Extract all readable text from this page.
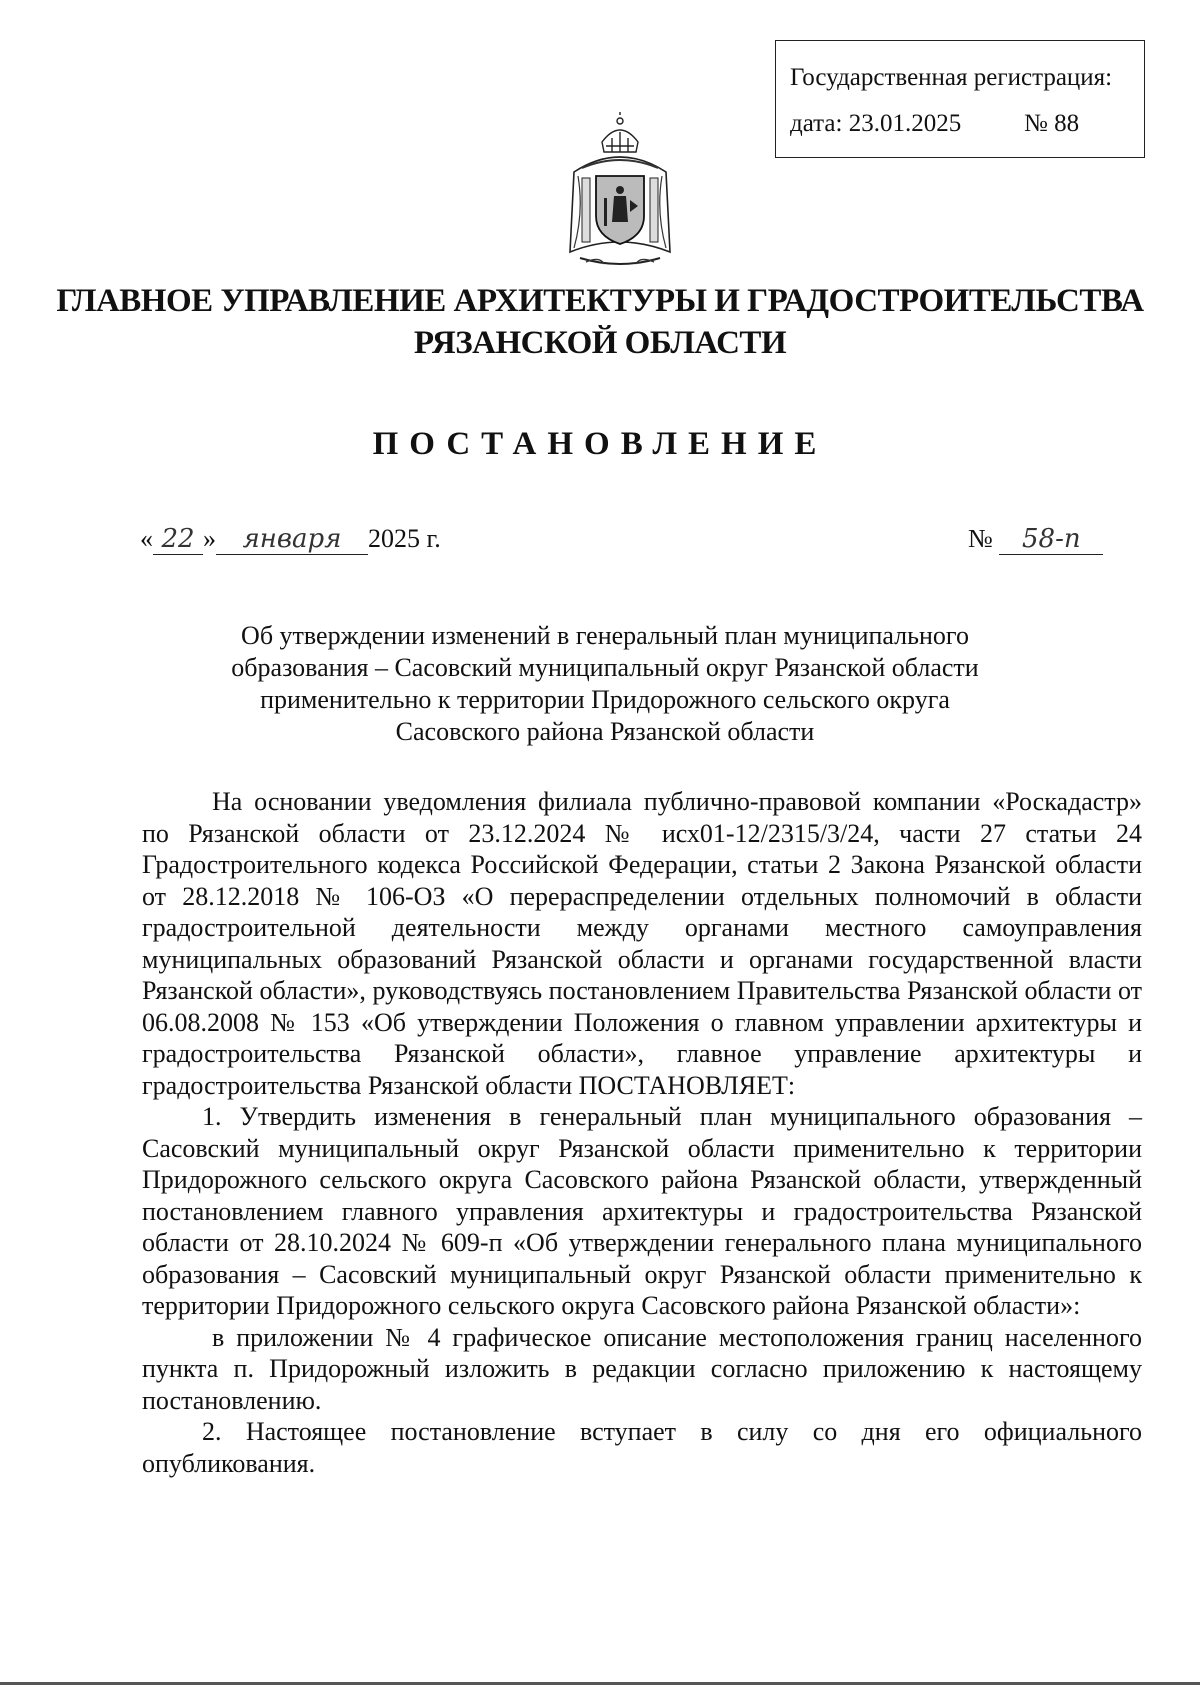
Государственная регистрация:
дата: 23.01.2025	№ 88
ГЛАВНОЕ УПРАВЛЕНИЕ АРХИТЕКТУРЫ И ГРАДОСТРОИТЕЛЬСТВА
РЯЗАНСКОЙ ОБЛАСТИ
ПОСТАНОВЛЕНИЕ
« 22 » января 2025 г.	№ 58-п
Об утверждении изменений в генеральный план муниципального
образования – Сасовский муниципальный округ Рязанской области
применительно к территории Придорожного сельского округа
Сасовского района Рязанской области

На основании уведомления филиала публично-правовой компании «Роскадастр» по Рязанской области от 23.12.2024 № исх01-12/2315/3/24, части 27 статьи 24 Градостроительного кодекса Российской Федерации, статьи 2 Закона Рязанской области от 28.12.2018 № 106-ОЗ «О перераспределении отдельных полномочий в области градостроительной деятельности между органами местного самоуправления муниципальных образований Рязанской области и органами государственной власти Рязанской области», руководствуясь постановлением Правительства Рязанской области от 06.08.2008 № 153 «Об утверждении Положения о главном управлении архитектуры и градостроительства Рязанской области», главное управление архитектуры и градостроительства Рязанской области ПОСТАНОВЛЯЕТ:

1. Утвердить изменения в генеральный план муниципального образования – Сасовский муниципальный округ Рязанской области применительно к территории Придорожного сельского округа Сасовского района Рязанской области, утвержденный постановлением главного управления архитектуры и градостроительства Рязанской области от 28.10.2024 № 609-п «Об утверждении генерального плана муниципального образования – Сасовский муниципальный округ Рязанской области применительно к территории Придорожного сельского округа Сасовского района Рязанской области»:

в приложении № 4 графическое описание местоположения границ населенного пункта п. Придорожный изложить в редакции согласно приложению к настоящему постановлению.

2. Настоящее постановление вступает в силу со дня его официального опубликования.
